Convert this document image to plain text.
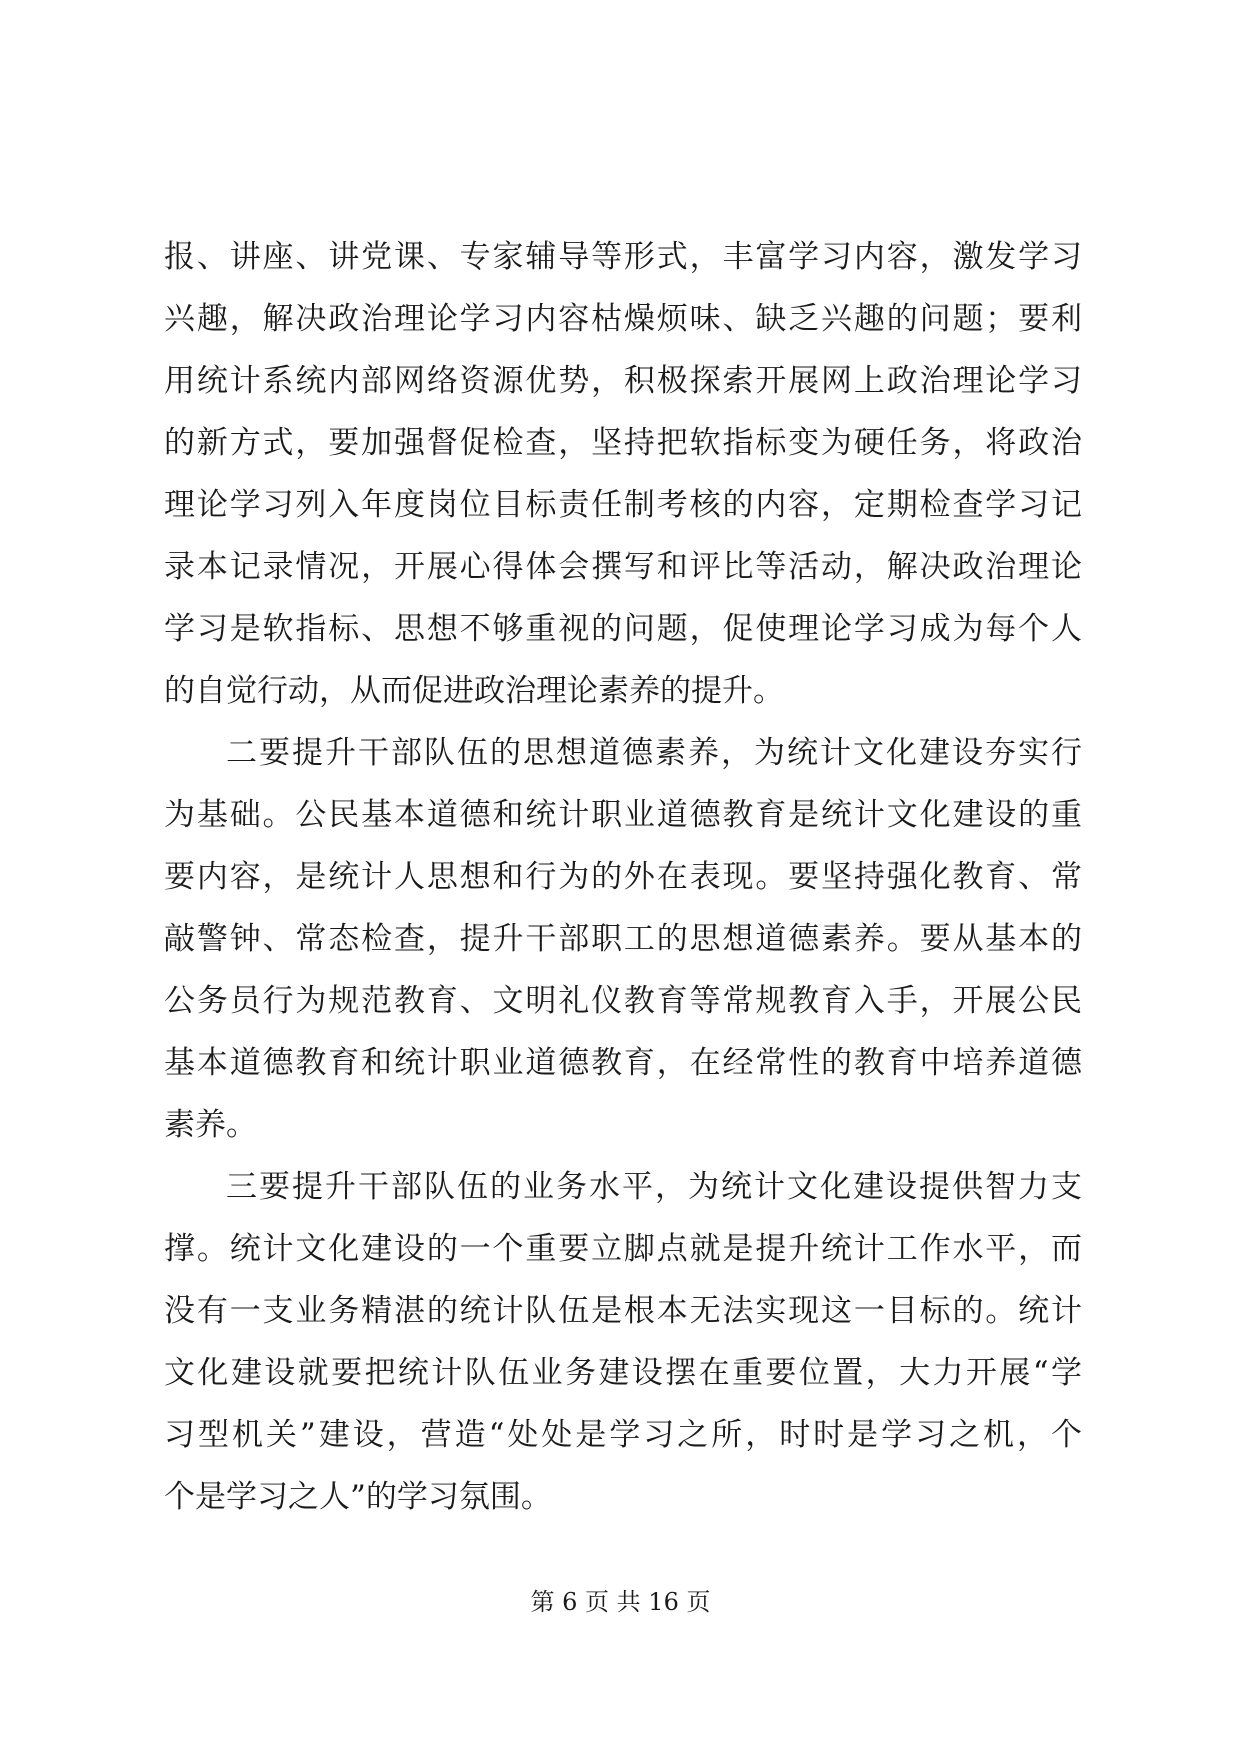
报、讲座、讲党课、专家辅导等形式，丰富学习内容，激发学习
兴趣，解决政治理论学习内容枯燥烦味、缺乏兴趣的问题；要利
用统计系统内部网络资源优势，积极探索开展网上政治理论学习
的新方式，要加强督促检查，坚持把软指标变为硬任务，将政治
理论学习列入年度岗位目标责任制考核的内容，定期检查学习记
录本记录情况，开展心得体会撰写和评比等活动，解决政治理论
学习是软指标、思想不够重视的问题，促使理论学习成为每个人
的自觉行动，从而促进政治理论素养的提升。
二要提升干部队伍的思想道德素养，为统计文化建设夯实行
为基础。公民基本道德和统计职业道德教育是统计文化建设的重
要内容，是统计人思想和行为的外在表现。要坚持强化教育、常
敲警钟、常态检查，提升干部职工的思想道德素养。要从基本的
公务员行为规范教育、文明礼仪教育等常规教育入手，开展公民
基本道德教育和统计职业道德教育，在经常性的教育中培养道德
素养。
三要提升干部队伍的业务水平，为统计文化建设提供智力支
撑。统计文化建设的一个重要立脚点就是提升统计工作水平，而
没有一支业务精湛的统计队伍是根本无法实现这一目标的。统计
文化建设就要把统计队伍业务建设摆在重要位置，大力开展“学
习型机关”建设，营造“处处是学习之所，时时是学习之机，个
个是学习之人”的学习氛围。
第 6 页 共 16 页
